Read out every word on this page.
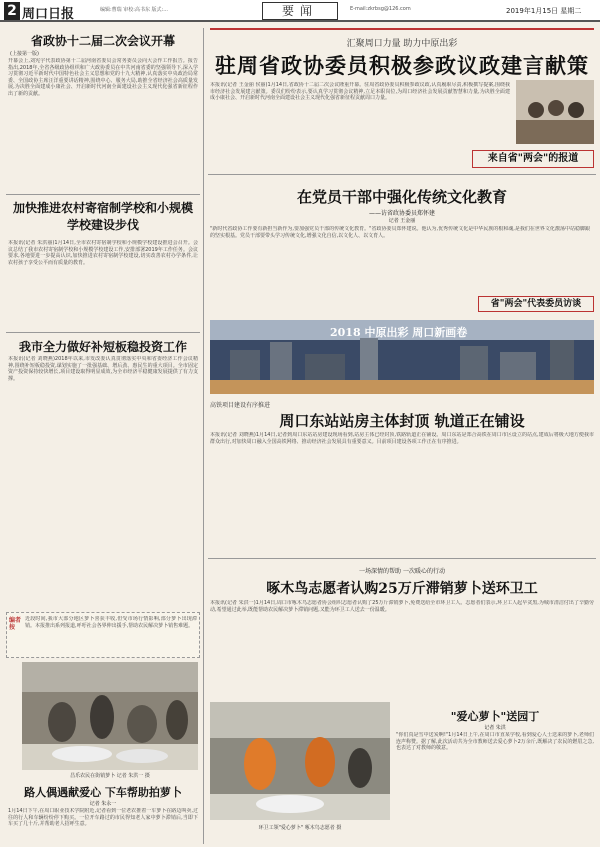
2 周口日报	编辑:曹瑞 审校:高书东 版式:...	要闻	E-mail:zkrbsg@126.com	2019年1月15日 星期二
省政协十二届二次会议开幕
(上接第一版)
开幕会上,刘宪宇代表政协第十二届河南省委员会常务委员会向大会作工作报告。报告指出,2018年,全省各级政协组织和广大政协委员在中共河南省委的坚强领导下,深入学习贯彻习近平新时代中国特色社会主义思想和党的十九大精神,认真落实中央政治局常委、全国政协主席汪洋重要讲话精神,围绕中心、服务大局,助推全省经济社会高质量发展,为决胜全面建成小康社会、开启新时代河南全面建设社会主义现代化强省新征程作出了新的贡献。
加快推进农村寄宿制学校和小规模学校建设步伐
本报讯(记者 朱洪丽)1月14日,全市农村寄宿制学校和小规模学校建设推进会召开。会议总结了我市农村寄宿制学校和小规模学校建设工作,安排部署2019年工作任务。会议要求,各地要进一步提高认识,加快推进农村寄宿制学校建设,切实改善农村办学条件,让农村孩子享受公平而有质量的教育。
我市全力做好补短板稳投资工作
本报讯(记者 刘晓燕)2018年以来,市发改委认真贯彻落实中央和省委经济工作会议精神,围绕补短板稳投资,谋划实施了一批强基础、增后劲、惠民生的重大项目。全市固定资产投资保持较快增长,项目建设取得明显成效,为全市经济平稳健康发展提供了有力支撑。
编者按
近段时间,我市大部分地区萝卜喜获丰收,但受市场行情影响,部分萝卜出现滞销。本报推出系列报道,呼吁社会各界伸出援手,帮助农民解决萝卜销售难题。
昌乐农民在街销萝卜 记者 朱洪一 摄
路人偶遇献爱心 下车帮助拍萝卜
记者 朱永一
1月14日下午,在周口职业技术学院附近,记者看到一位老农推着一车萝卜在路边叫卖,过往的行人和车辆纷纷停下购买。一位开车路过的市民得知老人家中萝卜滞销后,当即下车买了几十斤,并帮助老人招呼生意。
汇聚周口力量 助力中原出彩
驻周省政协委员积极参政议政建言献策
本报讯(记者 王金丽 侯丽)1月14日,省政协十二届二次会议隆重开幕。驻周省政协委员积极参政议政,认真履职尽责,积极撰写提案,围绕我市经济社会发展建言献策。委员们纷纷表示,要认真学习贯彻会议精神,立足本职岗位,为周口经济社会发展贡献智慧和力量,为决胜全面建成小康社会、开启新时代河南全面建设社会主义现代化强省新征程贡献周口力量。
来自省"两会"的报道
在党员干部中强化传统文化教育
——访省政协委员郑怀建
记者 王金丽
"新时代省政协工作要有新担当新作为,要加强党员干部的传统文化教育。"省政协委员郑怀建说。他认为,优秀传统文化是中华民族的根和魂,是我们在世界文化激荡中站稳脚跟的坚实根基。党员干部要带头学习传统文化,增强文化自信,以文化人、以文育人。
省"两会"代表委员访谈
2018 中原出彩 周口新画卷
高铁项目建设有序推进
周口东站站房主体封顶 轨道正在铺设
本报讯(记者 刘晓燕)1月14日,记者到周口东站站房建设现场看到,站房主体已经封顶,铁路轨道正在铺设。周口东站是郑合高铁在周口市区设立的站点,建成后将极大地方便我市群众出行,对加快周口融入全国高铁网络、推动经济社会发展具有重要意义。目前项目建设各项工作正在有序推进。
一场深情的帮助 一次暖心的行动
啄木鸟志愿者认购25万斤滞销萝卜送环卫工
本报讯(记者 朱洪一)1月14日,周口市啄木鸟志愿者协会组织志愿者认购了25万斤滞销萝卜,免费送给全市环卫工人。志愿者们表示,环卫工人起早贪黑,为城市清洁付出了辛勤劳动,希望通过此举,既能帮助农民解决萝卜滞销问题,又能为环卫工人送去一份温暖。
环卫工领"爱心萝卜" 啄木鸟志愿者 摄
"爱心萝卜"送园丁
记者 朱洪
"你们真是雪中送炭啊!"1月14日上午,在周口市直某学校,看到爱心人士送来的萝卜,老师们连声称赞。据了解,此次活动共为全市教师送去爱心萝卜2万余斤,既解决了农民的燃眉之急,也表达了对教师的敬意。
